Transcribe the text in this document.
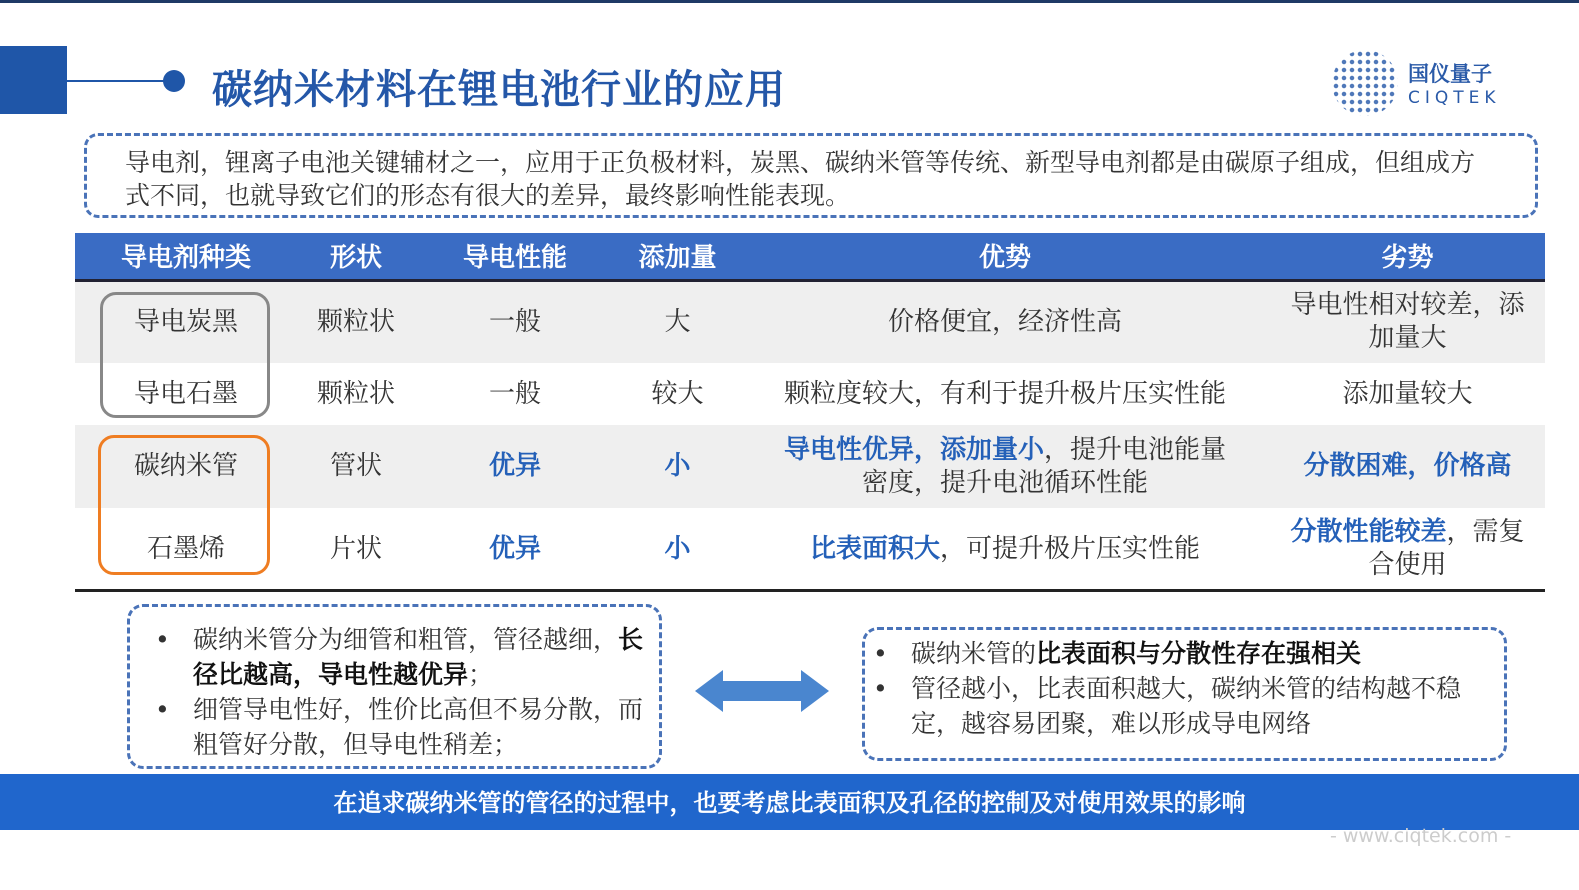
碳纳米材料在锂电池行业的应用	国仪量子
CIQTEK
导电剂，锂离子电池关键辅材之一，应用于正负极材料，炭黑、碳纳米管等传统、新型导电剂都是由碳原子组成，但组成方式不同，也就导致它们的形态有很大的差异，最终影响性能表现。
导电剂种类	形状	导电性能	添加量	优势	劣势
导电炭黑	颗粒状	一般	大	价格便宜，经济性高	导电性相对较差，添加量大
导电石墨	颗粒状	一般	较大	颗粒度较大，有利于提升极片压实性能	添加量较大
碳纳米管	管状	优异	小	导电性优异，添加量小，提升电池能量密度，提升电池循环性能	分散困难，价格高
石墨烯	片状	优异	小	比表面积大，可提升极片压实性能	分散性能较差，需复合使用
• 碳纳米管分为细管和粗管，管径越细，长径比越高，导电性越优异；
• 细管导电性好，性价比高但不易分散，而粗管好分散，但导电性稍差；
• 碳纳米管的比表面积与分散性存在强相关
• 管径越小，比表面积越大，碳纳米管的结构越不稳定，越容易团聚，难以形成导电网络
在追求碳纳米管的管径的过程中，也要考虑比表面积及孔径的控制及对使用效果的影响
- www.ciqtek.com -
